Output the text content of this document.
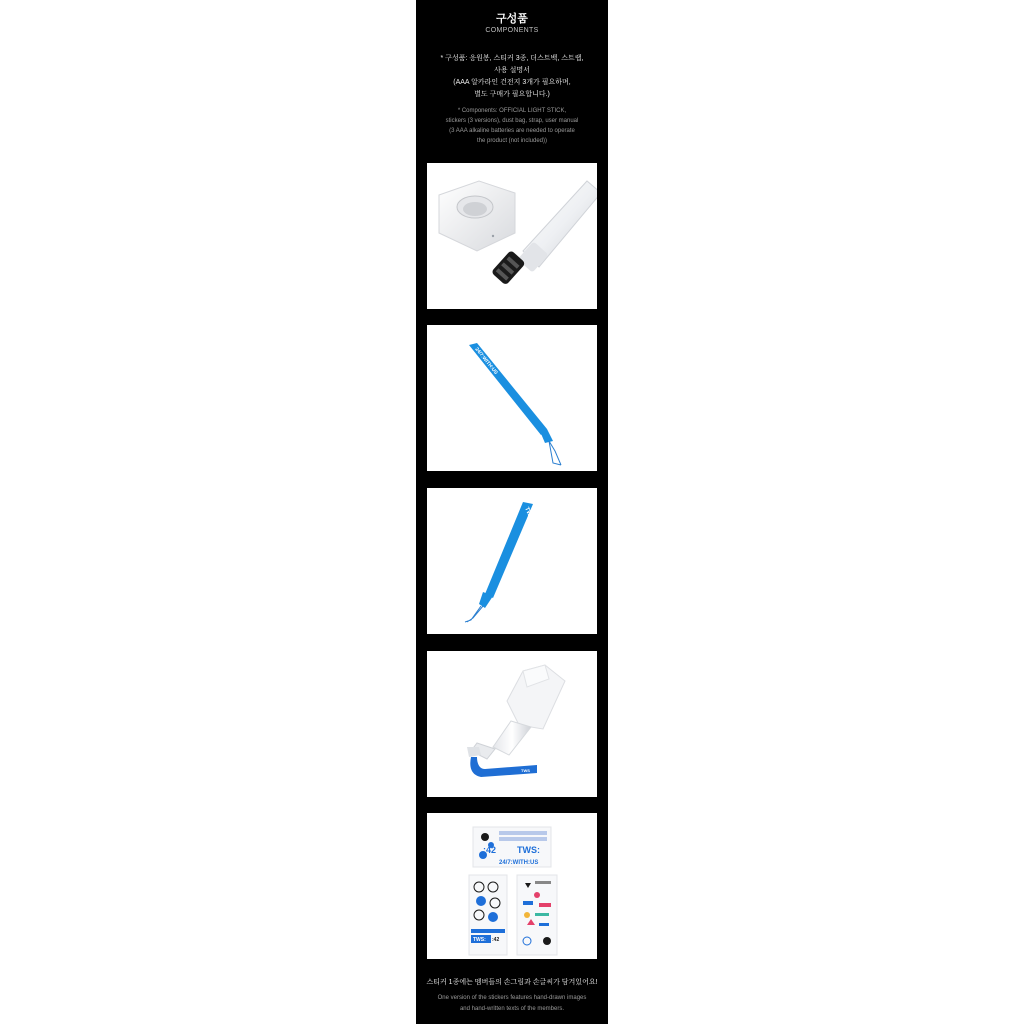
구성품
COMPONENTS
* 구성품: 응원봉, 스티커 3종, 더스트백, 스트랩,
사용 설명서
(AAA 알카라인 건전지 3개가 필요하며,
별도 구매가 필요합니다.)
* Components: OFFICIAL LIGHT STICK,
stickers (3 versions), dust bag, strap, user manual
(3 AAA alkaline batteries are needed to operate
the product (not included))
24/7:WITH:US
TWS
TWS
:42 TWS:
24/7:WITH:US
TWS: :42
스티커 1종에는 멤버들의 손그림과 손글씨가 담겨있어요!
One version of the stickers features hand-drawn images
and hand-written texts of the members.
